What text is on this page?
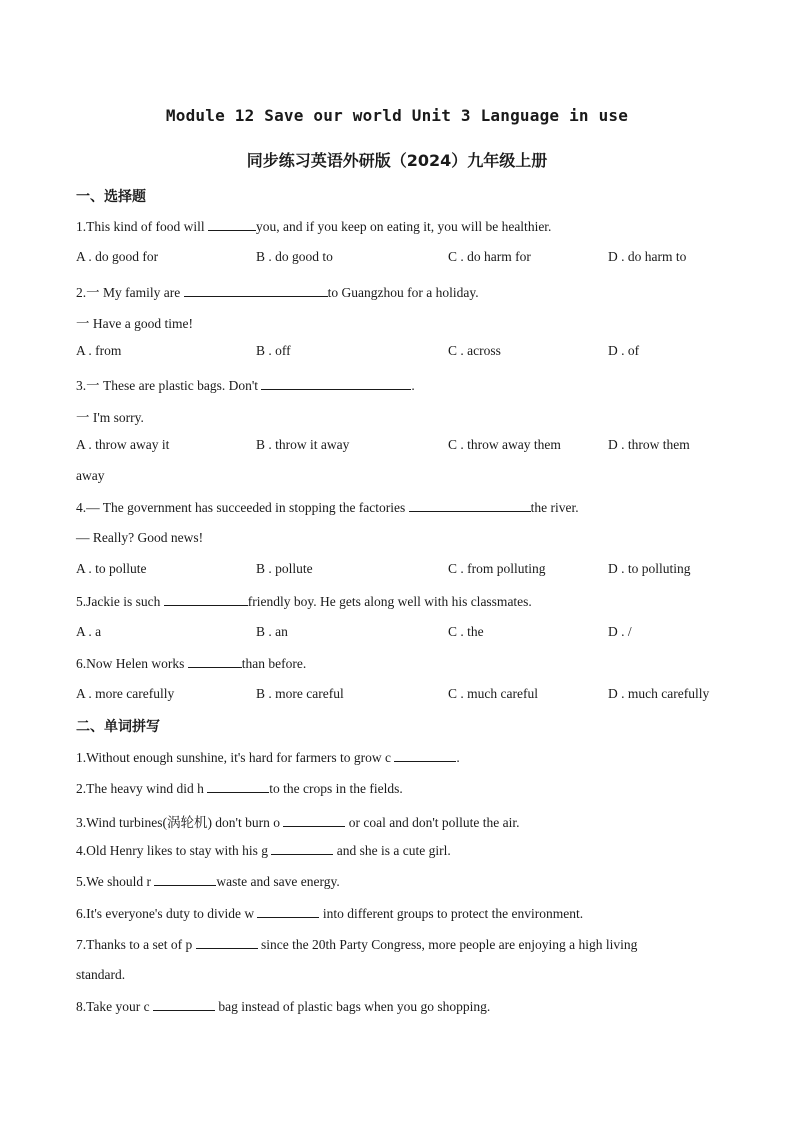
Module 12 Save our world Unit 3 Language in use
同步练习英语外研版（2024）九年级上册
一、选择题
1.This kind of food will	you, and if you keep on eating it, you will be healthier.
A . do good for	B . do good to	C . do harm for	D . do harm to
2.一 My family are	to Guangzhou for a holiday.
一 Have a good time!
A . from	B . off	C . across	D . of
3.一 These are plastic bags. Don't	.
一 I'm sorry.
A . throw away it	B . throw it away	C . throw away them	D . throw them
away
4.— The government has succeeded in stopping the factories	the river.
— Really? Good news!
A . to pollute	B . pollute	C . from polluting	D . to polluting
5.Jackie is such	friendly boy. He gets along well with his classmates.
A . a	B . an	C . the	D . /
6.Now Helen works	than before.
A . more carefully	B . more careful	C . much careful	D . much carefully
二、单词拼写
1.Without enough sunshine, it's hard for farmers to grow c	.
2.The heavy wind did h	to the crops in the fields.
3.Wind turbines(涡轮机) don't burn o	or coal and don't pollute the air.
4.Old Henry likes to stay with his g	and she is a cute girl.
5.We should r	waste and save energy.
6.It's everyone's duty to divide w	into different groups to protect the environment.
7.Thanks to a set of p	since the 20th Party Congress, more people are enjoying a high living
standard.
8.Take your c	bag instead of plastic bags when you go shopping.
